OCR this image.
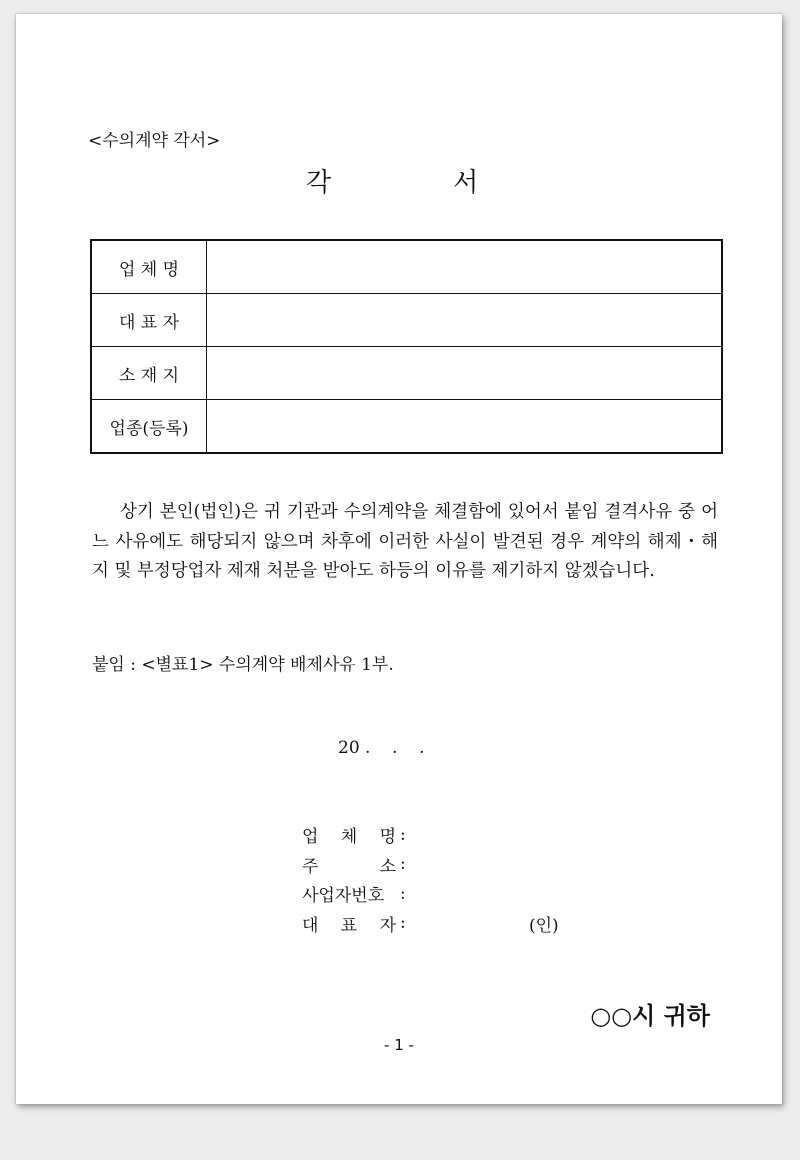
<수의계약 각서>
각	서
업 체 명	
대 표 자	
소 재 지	
업종(등록)	
상기 본인(법인)은 귀 기관과 수의계약을 체결함에 있어서 붙임 결격사유 중 어느 사유에도 해당되지 않으며 차후에 이러한 사실이 발견된 경우 계약의 해제・해지 및 부정당업자 제재 처분을 받아도 하등의 이유를 제기하지 않겠습니다.
붙임 : <별표1> 수의계약 배제사유 1부.
20 .    .    .
업 체 명 :
주	소 :
사업자번호 :
대 표 자 :	(인)
○○시 귀하
- 1 -
